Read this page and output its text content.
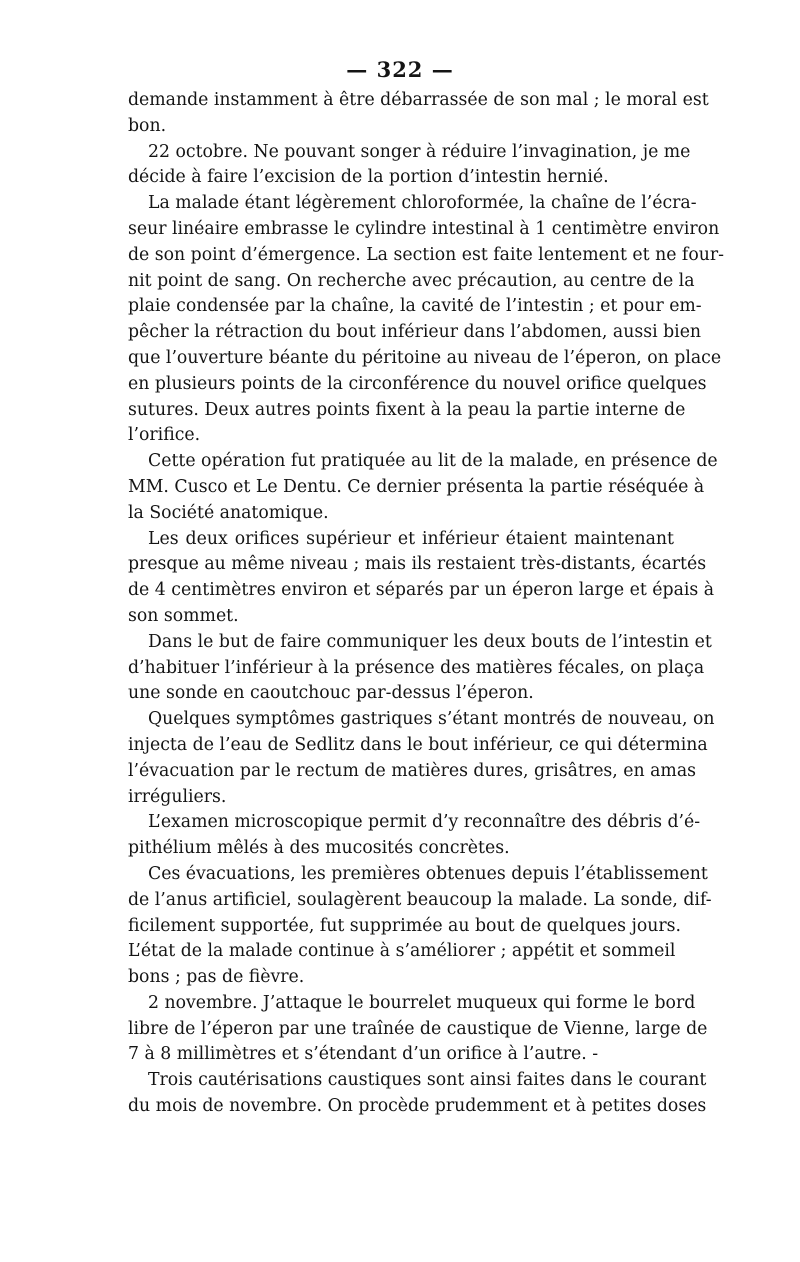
— 322 —
demande instamment à être débarrassée de son mal ; le moral est
bon.
22 octobre. Ne pouvant songer à réduire l’invagination, je me
décide à faire l’excision de la portion d’intestin hernié.
La malade étant légèrement chloroformée, la chaîne de l’écra-
seur linéaire embrasse le cylindre intestinal à 1 centimètre environ
de son point d’émergence. La section est faite lentement et ne four-
nit point de sang. On recherche avec précaution, au centre de la
plaie condensée par la chaîne, la cavité de l’intestin ; et pour em-
pêcher la rétraction du bout inférieur dans l’abdomen, aussi bien
que l’ouverture béante du péritoine au niveau de l’éperon, on place
en plusieurs points de la circonférence du nouvel orifice quelques
sutures. Deux autres points fixent à la peau la partie interne de
l’orifice.
Cette opération fut pratiquée au lit de la malade, en présence de
MM. Cusco et Le Dentu. Ce dernier présenta la partie réséquée à
la Société anatomique.
Les deux orifices supérieur et inférieur étaient maintenant
presque au même niveau ; mais ils restaient très-distants, écartés
de 4 centimètres environ et séparés par un éperon large et épais à
son sommet.
Dans le but de faire communiquer les deux bouts de l’intestin et
d’habituer l’inférieur à la présence des matières fécales, on plaça
une sonde en caoutchouc par-dessus l’éperon.
Quelques symptômes gastriques s’étant montrés de nouveau, on
injecta de l’eau de Sedlitz dans le bout inférieur, ce qui détermina
l’évacuation par le rectum de matières dures, grisâtres, en amas
irréguliers.
L’examen microscopique permit d’y reconnaître des débris d’é-
pithélium mêlés à des mucosités concrètes.
Ces évacuations, les premières obtenues depuis l’établissement
de l’anus artificiel, soulagèrent beaucoup la malade. La sonde, dif-
ficilement supportée, fut supprimée au bout de quelques jours.
L’état de la malade continue à s’améliorer ; appétit et sommeil
bons ; pas de fièvre.
2 novembre. J’attaque le bourrelet muqueux qui forme le bord
libre de l’éperon par une traînée de caustique de Vienne, large de
7 à 8 millimètres et s’étendant d’un orifice à l’autre. -
Trois cautérisations caustiques sont ainsi faites dans le courant
du mois de novembre. On procède prudemment et à petites doses
